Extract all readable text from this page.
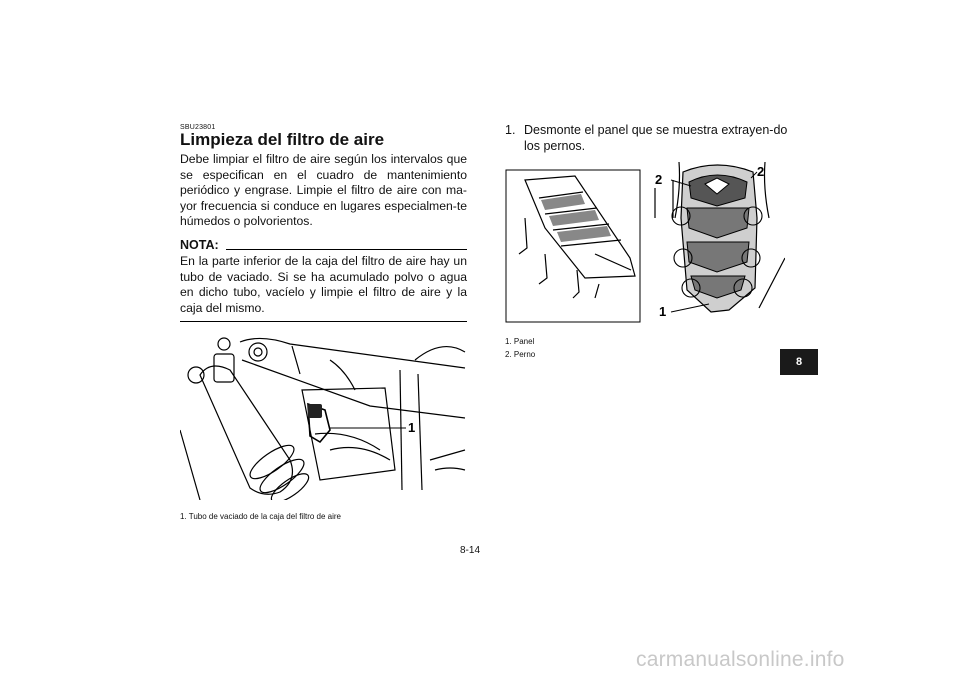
SBU23801
Limpieza del filtro de aire

Debe limpiar el filtro de aire según los intervalos que se especifican en el cuadro de mantenimiento periódico y engrase. Limpie el filtro de aire con ma-yor frecuencia si conduce en lugares especialmen-te húmedos o polvorientos.

NOTA:

En la parte inferior de la caja del filtro de aire hay un tubo de vaciado. Si se ha acumulado polvo o agua en dicho tubo, vacíelo y limpie el filtro de aire y la caja del mismo.

1
1. Tubo de vaciado de la caja del filtro de aire

1. Desmonte el panel que se muestra extrayen-do los pernos.

2
2
1
1. Panel
2. Perno
8
8-14
carmanualsonline.info
